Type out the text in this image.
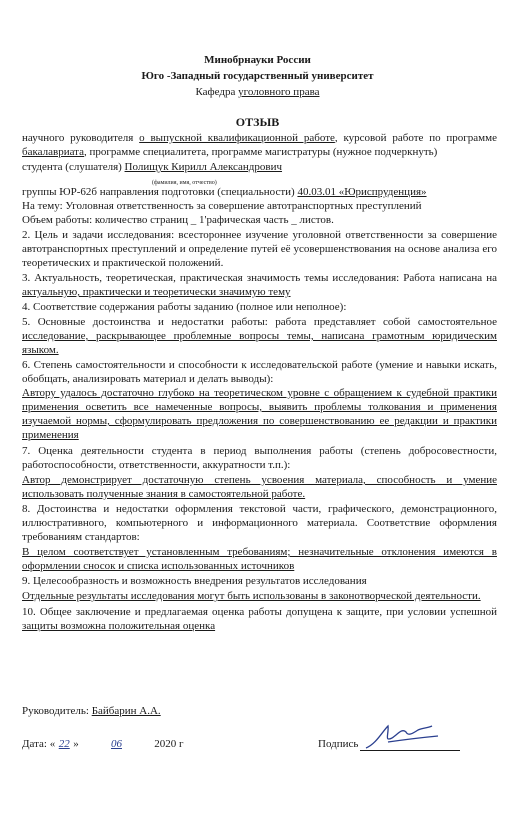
Минобрнауки России
Юго -Западный государственный университет
Кафедра уголовного права
ОТЗЫВ
научного руководителя о выпускной квалификационной работе, курсовой работе по программе
бакалавриата, программе специалитета, программе магистратуры (нужное подчеркнуть)
студента (слушателя) Полищук Кирилл Александрович
(фамилия, имя, отчество)
группы ЮР-62б направления подготовки (специальности) 40.03.01 «Юриспруденция»
На тему: Уголовная ответственность за совершение автотранспортных преступлений
Объем работы: количество страниц _ 1'рафическая часть _ листов.
2. Цель и задачи исследования: всестороннее изучение уголовной ответственности за совершение
автотранспортных преступлений и определение путей её усовершенствования на основе анализа его
теоретических и практической положений.
3. Актуальность, теоретическая, практическая значимость темы исследования: Работа написана на
актуальную, практически и теоретически значимую тему
4. Соответствие содержания работы заданию (полное или неполное):
5. Основные достоинства и недостатки работы: работа представляет собой самостоятельное
исследование, раскрывающее проблемные вопросы темы, написана грамотным юридическим
языком.
6. Степень самостоятельности и способности к исследовательской работе (умение и навыки искать,
обобщать, анализировать материал и делать выводы):
Автору удалось достаточно глубоко на теоретическом уровне с обращением к судебной практики
применения осветить все намеченные вопросы, выявить проблемы толкования и применения
изучаемой нормы, сформулировать предложения по совершенствованию ее редакции и практики
применения
7. Оценка деятельности студента в период выполнения работы (степень добросовестности,
работоспособности, ответственности, аккуратности т.п.):
Автор демонстрирует достаточную степень усвоения материала, способность и умение
использовать полученные знания в самостоятельной работе.
8. Достоинства и недостатки оформления текстовой части, графического, демонстрационного,
иллюстративного, компьютерного и информационного материала. Соответствие оформления
требованиям стандартов:
В целом соответствует установленным требованиям; незначительные отклонения имеются в
оформлении сносок и списка использованных источников
9. Целесообразность и возможность внедрения результатов исследования
Отдельные результаты исследования могут быть использованы в законотворческой деятельности.
10. Общее заключение и предлагаемая оценка работы допущена к защите, при условии успешной
защиты возможна положительная оценка
Руководитель: Байбарин А.А.
Дата: « 22 »	06	2020 г	Подпись
